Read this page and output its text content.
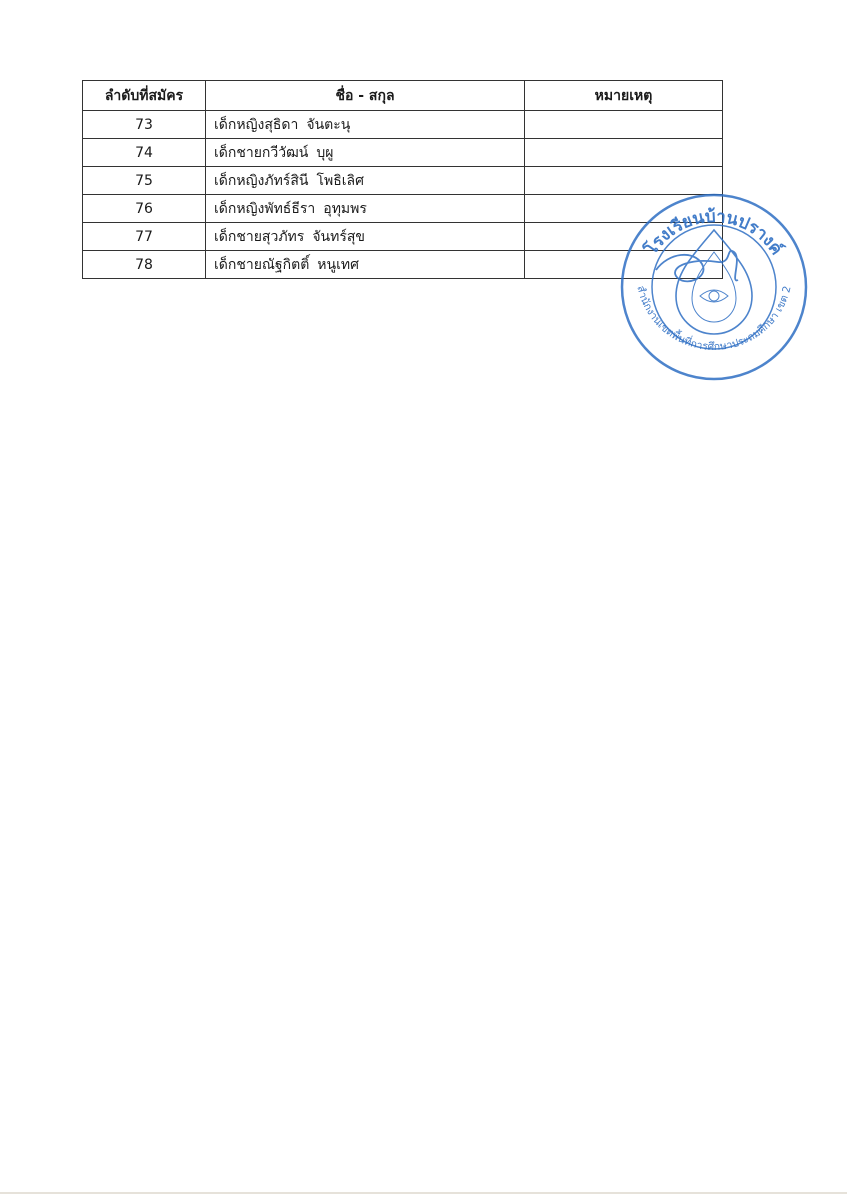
ลำดับที่สมัคร	ชื่อ - สกุล	หมายเหตุ
73	เด็กหญิงสุธิดา จันตะนุ	
74	เด็กชายกวีวัฒน์ บุผู	
75	เด็กหญิงภัทร์สินี โพธิเลิศ	
76	เด็กหญิงพัทธ์ธีรา อุทุมพร	
77	เด็กชายสุวภัทร จันทร์สุข	
78	เด็กชายณัฐกิตติ์ หนูเทศ	
โรงเรียนบ้านปรางค์
สำนักงานเขตพื้นที่การศึกษาประถมศึกษา เขต 2
